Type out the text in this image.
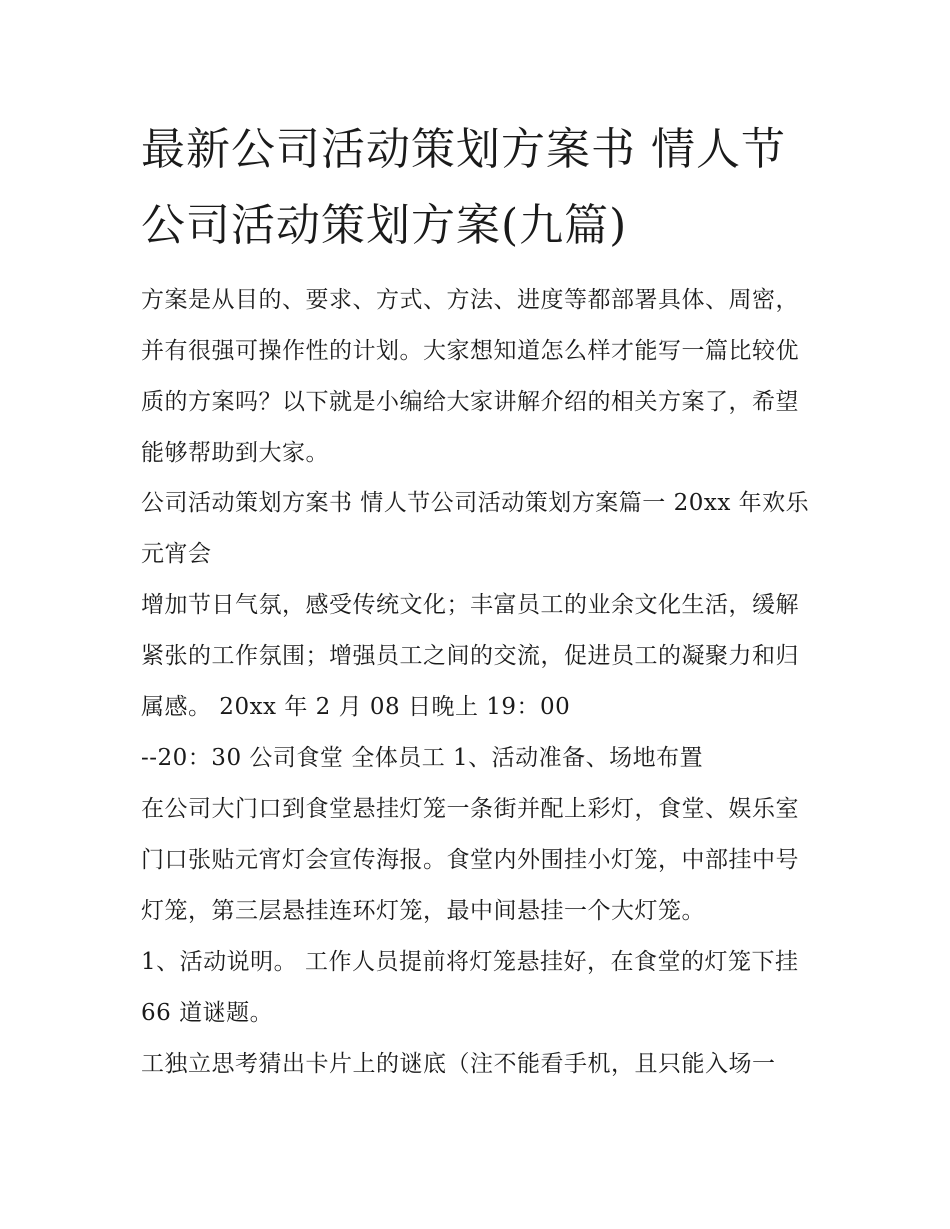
最新公司活动策划方案书 情人节公司活动策划方案(九篇)

方案是从目的、要求、方式、方法、进度等都部署具体、周密，并有很强可操作性的计划。大家想知道怎么样才能写一篇比较优质的方案吗？以下就是小编给大家讲解介绍的相关方案了，希望能够帮助到大家。

公司活动策划方案书 情人节公司活动策划方案篇一 20xx 年欢乐元宵会

增加节日气氛，感受传统文化；丰富员工的业余文化生活，缓解紧张的工作氛围；增强员工之间的交流，促进员工的凝聚力和归属感。 20xx 年 2 月 08 日晚上 19：00

--20：30 公司食堂 全体员工 1、活动准备、场地布置

在公司大门口到食堂悬挂灯笼一条街并配上彩灯，食堂、娱乐室门口张贴元宵灯会宣传海报。食堂内外围挂小灯笼，中部挂中号灯笼，第三层悬挂连环灯笼，最中间悬挂一个大灯笼。

1、活动说明。 工作人员提前将灯笼悬挂好，在食堂的灯笼下挂 66 道谜题。

工独立思考猜出卡片上的谜底（注不能看手机，且只能入场一
